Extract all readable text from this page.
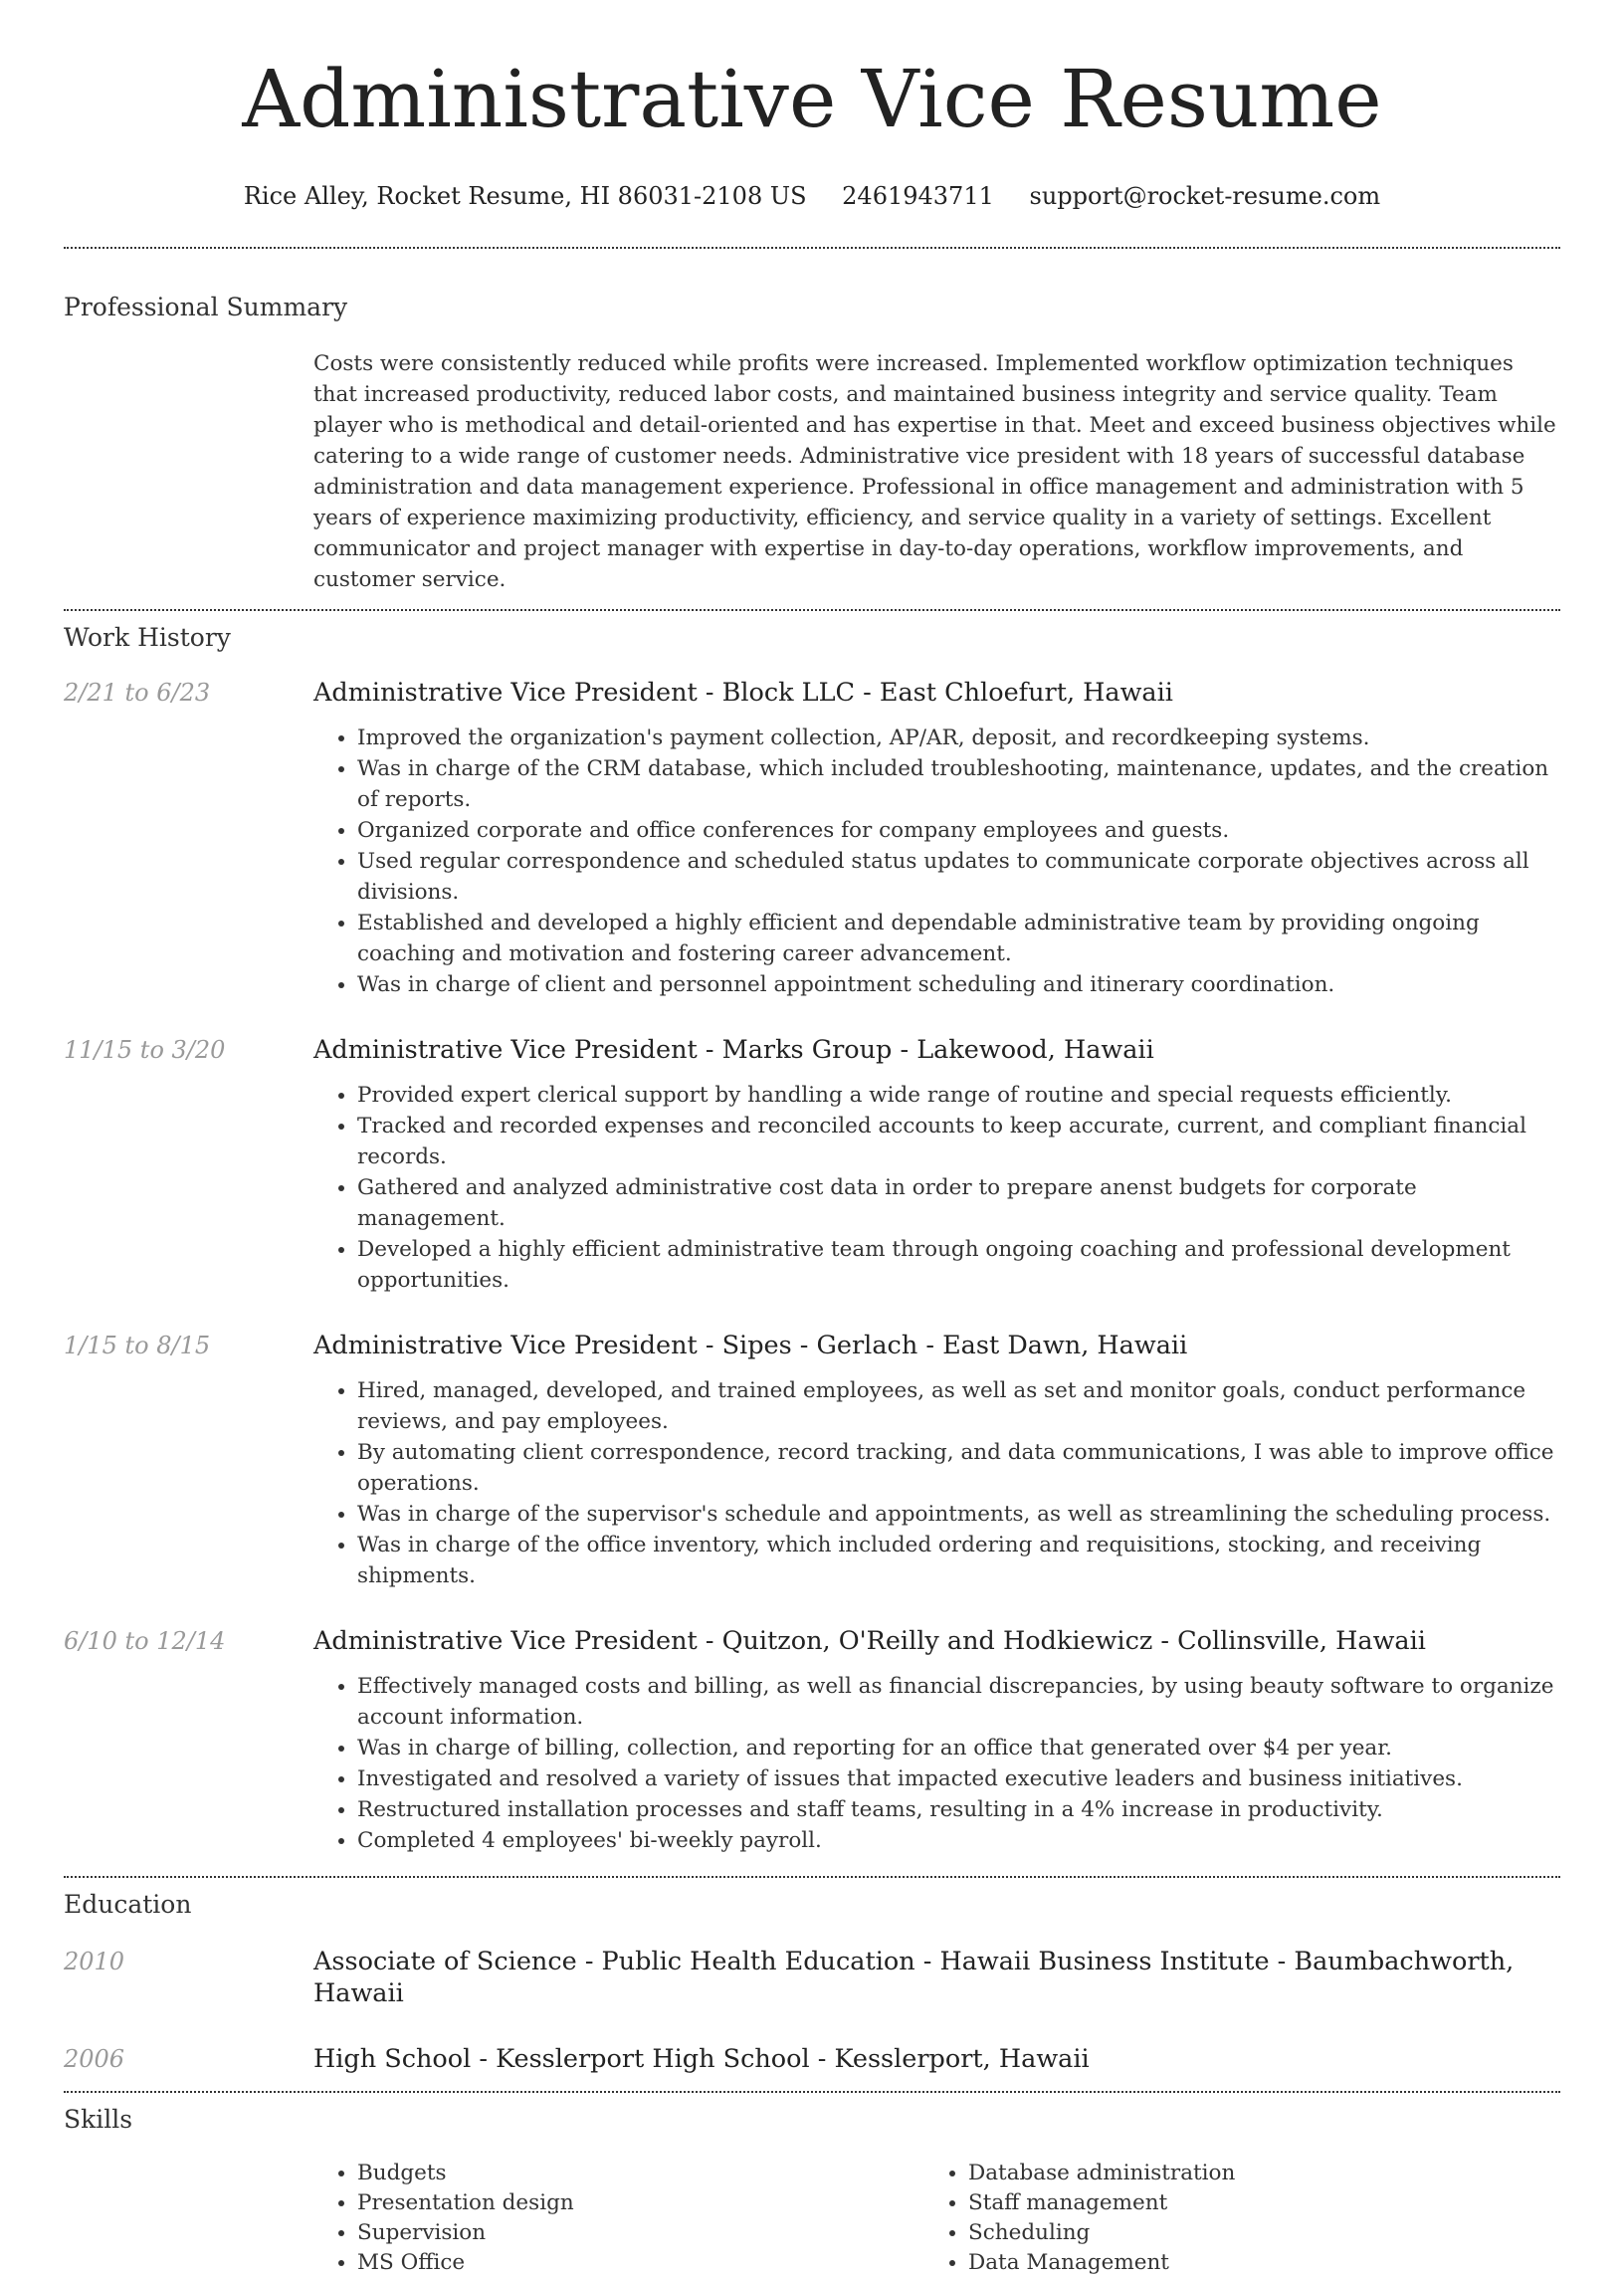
Administrative Vice Resume
Rice Alley, Rocket Resume, HI 86031-2108 US 2461943711 support@rocket-resume.com
Professional Summary

Costs were consistently reduced while profits were increased. Implemented workflow optimization techniques that increased productivity, reduced labor costs, and maintained business integrity and service quality. Team player who is methodical and detail-oriented and has expertise in that. Meet and exceed business objectives while catering to a wide range of customer needs. Administrative vice president with 18 years of successful database administration and data management experience. Professional in office management and administration with 5 years of experience maximizing productivity, efficiency, and service quality in a variety of settings. Excellent communicator and project manager with expertise in day-to-day operations, workflow improvements, and customer service.

Work History
2/21 to 6/23	Administrative Vice President - Block LLC - East Chloefurt, Hawaii
• Improved the organization's payment collection, AP/AR, deposit, and recordkeeping systems.
• Was in charge of the CRM database, which included troubleshooting, maintenance, updates, and the creation of reports.
• Organized corporate and office conferences for company employees and guests.
• Used regular correspondence and scheduled status updates to communicate corporate objectives across all divisions.
• Established and developed a highly efficient and dependable administrative team by providing ongoing coaching and motivation and fostering career advancement.
• Was in charge of client and personnel appointment scheduling and itinerary coordination.
11/15 to 3/20	Administrative Vice President - Marks Group - Lakewood, Hawaii
• Provided expert clerical support by handling a wide range of routine and special requests efficiently.
• Tracked and recorded expenses and reconciled accounts to keep accurate, current, and compliant financial records.
• Gathered and analyzed administrative cost data in order to prepare anenst budgets for corporate management.
• Developed a highly efficient administrative team through ongoing coaching and professional development opportunities.
1/15 to 8/15	Administrative Vice President - Sipes - Gerlach - East Dawn, Hawaii
• Hired, managed, developed, and trained employees, as well as set and monitor goals, conduct performance reviews, and pay employees.
• By automating client correspondence, record tracking, and data communications, I was able to improve office operations.
• Was in charge of the supervisor's schedule and appointments, as well as streamlining the scheduling process.
• Was in charge of the office inventory, which included ordering and requisitions, stocking, and receiving shipments.
6/10 to 12/14	Administrative Vice President - Quitzon, O'Reilly and Hodkiewicz - Collinsville, Hawaii
• Effectively managed costs and billing, as well as financial discrepancies, by using beauty software to organize account information.
• Was in charge of billing, collection, and reporting for an office that generated over $4 per year.
• Investigated and resolved a variety of issues that impacted executive leaders and business initiatives.
• Restructured installation processes and staff teams, resulting in a 4% increase in productivity.
• Completed 4 employees' bi-weekly payroll.
Education
2010	Associate of Science - Public Health Education - Hawaii Business Institute - Baumbachworth, Hawaii
2006	High School - Kesslerport High School - Kesslerport, Hawaii
Skills
• Budgets
• Presentation design
• Supervision
• MS Office
• Database administration
• Staff management
• Scheduling
• Data Management
